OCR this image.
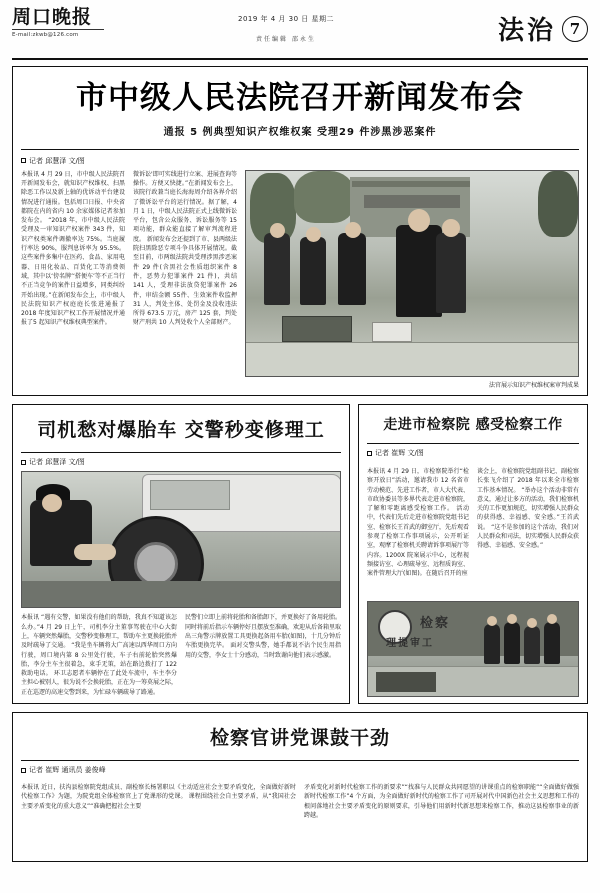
周口晚报
E-mail:zkwb@126.com
2019 年 4 月 30 日 星期二
责任编辑 邵永生	法治 7
市中级人民法院召开新闻发布会
通报 5 例典型知识产权维权案 受理29 件涉黑涉恶案件
记者 邱慧泽 文/图
本报讯 4 月 29 日，市中级人民法院召开新闻发布会，就知识产权维权、扫黑除恶工作以及新上轴的优诉动平台建设情况进行通报。包括周口日报、中央省都院在内的省内 10 余家媒体记者参加发布会。 “2018 年，市中级人民法院受理及一审知识产权案件 343 件，知识产权类案件调撤率达 75%。当庭履行率达 90%，服判息诉率为 95.5%。这些案件多集中在医药、食品、家用电器、日用化妆品、百货化工等消费领域，其中以‘傍名牌’‘搭便车’等不正当行不正当竞争的案件日益增多，同类纠纷开始出现。”在新闻发布会上，市中级人民法院知识产权庭庭长张进通报了 2018 年度知识产权工作开展情况并通报了5 起知识产权维权典型案件。
微诉讼'即可实线进行立案、进展查询等操作。方便又快捷。”在新闻发布会上，该院行政兼当庭长海海周介绍各界介绍了微诉讼平台的运行情况。据了解，4 月 1 日，中级人民法院正式上线微诉讼平台，包含公众服务、诉讼服务等 15 项功能，群众能直接了解审判流程进度。 新闻发布会还提到了市、县两级法院扫黑除恶专项斗争具体开展情况。截至目前，市两级法院共受理涉黑涉恶案件 29 件(含黑社会性质组织案件 8 件，恶势力犯罪案件 21 件)，共结 141 人，受理非法放贷犯罪案件 26 件，审结金额 55件、生效案件收监押 31 人，判处主体、处罚金及没收违法所得 673.5 万元，房产 125 套，判处财产刑共 10 人判处收个人全部财产。
法官展示知识产权维权案审判成果
司机愁对爆胎车 交警秒变修理工
记者 邱慧泽 文/图
本报讯 “遇有交警，如果没有他们的帮助，我真不知道该怎么办。”4 月 29 日上午，司机李分主董事驾驶在中心大街上，车辆突然爆胎，交警秒变修理工，帮助车主更换轮胎并及时疏导了交通。 “我是坐车辆将大广高速以西华周口方向行驶，周口境内第 8 公里处行驶，车子右前轮胎突然爆胎，李分主车主很着急，束手无策，站在路边拨打了 122 救助电话。 环卫志愿者车辆停在了此处车流中，车主李分主担心被别人，很为说不会换轮胎，正在为一筹莫展之际，正在巡逻的高速交警到来，为忙碌车辆疏导了路通。
民警们立即上前将轮胎和备胎卸下，并更换好了备用轮胎。同时将前后指示车辆停好且摆放至准确，欢迎从后备箱里取出三角警示牌放置工具更换起备用车胎(如图)，十几分钟后车胎更换完毕。 面对交警头警，她手都说不沾个民生用指用的交警，李女士十分感动，当时致谢向他们表示感激。
走进市检察院 感受检察工作
记者 崔辉 文/图
本报讯 4 月 29 日，市检察院举行“检察开放日”活动，邀请我市 12 名省市劳动模范、先进工作者，市人大代表、市政协委员等多界代表走进市检察院，了解和零距离感受检察工作。 活动中，代表们先后走进市检察院党组书记室、检察长王首武的御室厅，先后观看参观了检察工作事项展示，公开听证室，观摩了检察机关聘请诉事项展厅等内容。1200X 院案展示中心，远程视频接访室、心理疏导室、远程质询室、案件管理大厅(如图)。在随后召开的座
谈会上，市检察院党组副书记、副检察长张飞介绍了 2018 年以来全市检察工作基本情况。 “举办这个活动非常有意义，通过让多方的活动，我们检察机关的工作更加规范，切实增强人民群众的获得感、幸福感、安全感。”王首武说。 “这不是参加的这个活动，我们对人民群众和司法，切实增强人民群众获得感、幸福感、安全感。”
检察
理提审工
检察官讲党课鼓干劲
记者 崔辉 通讯员 姜俊峰
本报讯 近日，扶沟县检察院党组成员、副检察长杨署职以《主动适应社会主要矛盾变化，全面做好新时代检察工作》为题，为院党组全体检察官上了党课形的党课。 课程围绕社会自主要矛盾，从“我国社会主要矛盾变化的重大意义”“准确把握社会主要
矛盾变化对新时代检察工作的新要求”“找准与人民群众共同愿望的讲课重点的检察职能”“全面做好做强新时代检察工作”4 个方面，为全面做好新时代的检察工作了司开展对代中国新色社会主义思想和工作的根问落地社会主要矛盾变化的原则要求，引导他们用新时代新思想来检察工作，推动这县检察事业的新跨越。
